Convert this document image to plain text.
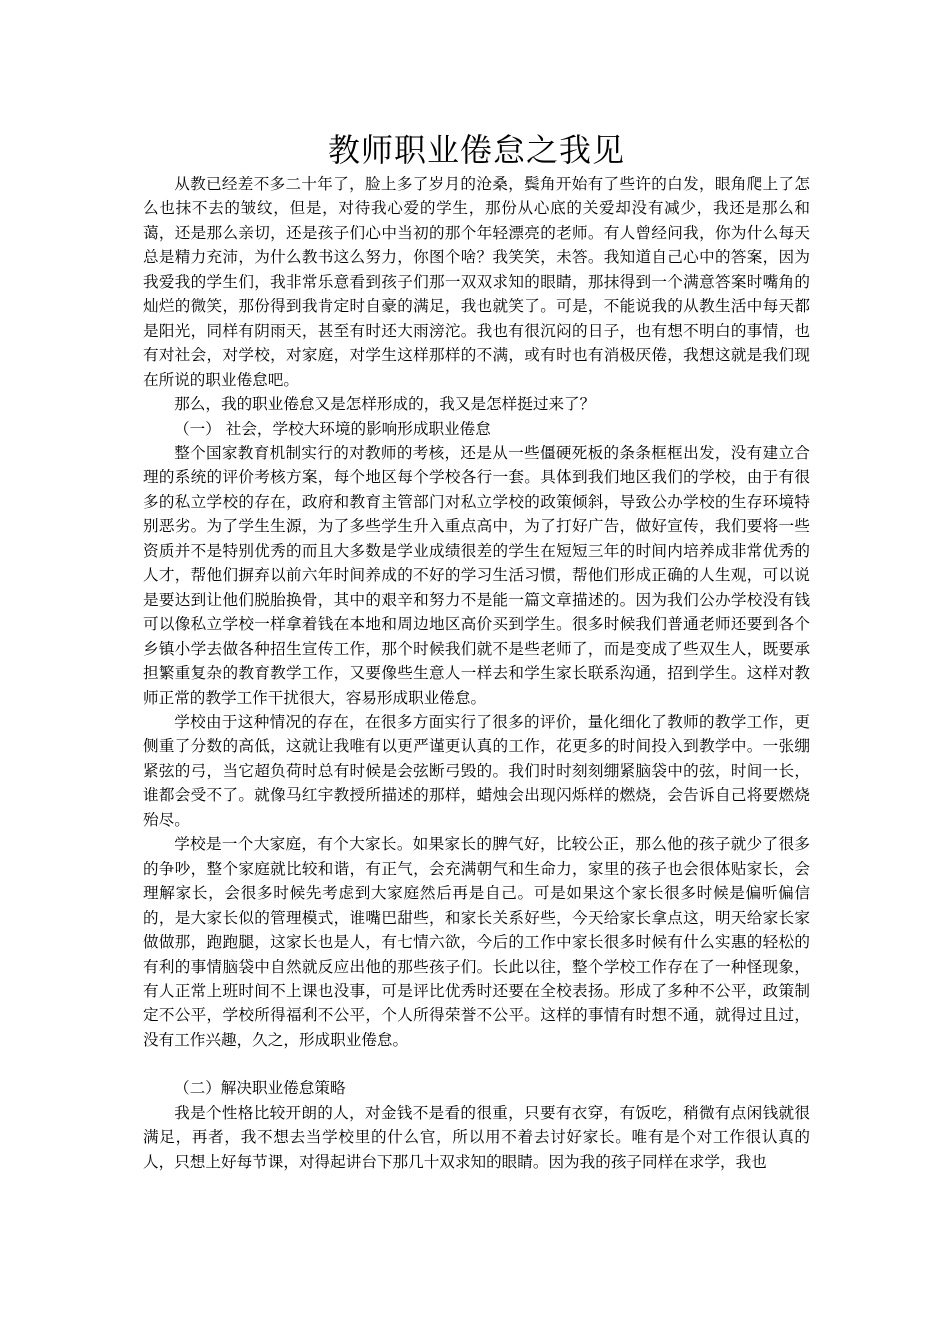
教师职业倦怠之我见

从教已经差不多二十年了，脸上多了岁月的沧桑，鬓角开始有了些许的白发，眼角爬上了怎么也抹不去的皱纹，但是，对待我心爱的学生，那份从心底的关爱却没有减少，我还是那么和蔼，还是那么亲切，还是孩子们心中当初的那个年轻漂亮的老师。有人曾经问我，你为什么每天总是精力充沛，为什么教书这么努力，你图个啥？我笑笑，未答。我知道自己心中的答案，因为我爱我的学生们，我非常乐意看到孩子们那一双双求知的眼睛，那抹得到一个满意答案时嘴角的灿烂的微笑，那份得到我肯定时自豪的满足，我也就笑了。可是，不能说我的从教生活中每天都是阳光，同样有阴雨天，甚至有时还大雨滂沱。我也有很沉闷的日子，也有想不明白的事情，也有对社会，对学校，对家庭，对学生这样那样的不满，或有时也有消极厌倦，我想这就是我们现在所说的职业倦怠吧。

那么，我的职业倦怠又是怎样形成的，我又是怎样挺过来了？

（一） 社会，学校大环境的影响形成职业倦怠

整个国家教育机制实行的对教师的考核，还是从一些僵硬死板的条条框框出发，没有建立合理的系统的评价考核方案，每个地区每个学校各行一套。具体到我们地区我们的学校，由于有很多的私立学校的存在，政府和教育主管部门对私立学校的政策倾斜，导致公办学校的生存环境特别恶劣。为了学生生源，为了多些学生升入重点高中，为了打好广告，做好宣传，我们要将一些资质并不是特别优秀的而且大多数是学业成绩很差的学生在短短三年的时间内培养成非常优秀的人才，帮他们摒弃以前六年时间养成的不好的学习生活习惯，帮他们形成正确的人生观，可以说是要达到让他们脱胎换骨，其中的艰辛和努力不是能一篇文章描述的。因为我们公办学校没有钱可以像私立学校一样拿着钱在本地和周边地区高价买到学生。很多时候我们普通老师还要到各个乡镇小学去做各种招生宣传工作，那个时候我们就不是些老师了，而是变成了些双生人，既要承担繁重复杂的教育教学工作，又要像些生意人一样去和学生家长联系沟通，招到学生。这样对教师正常的教学工作干扰很大，容易形成职业倦怠。

学校由于这种情况的存在，在很多方面实行了很多的评价，量化细化了教师的教学工作，更侧重了分数的高低，这就让我唯有以更严谨更认真的工作，花更多的时间投入到教学中。一张绷紧弦的弓，当它超负荷时总有时候是会弦断弓毁的。我们时时刻刻绷紧脑袋中的弦，时间一长，谁都会受不了。就像马红宇教授所描述的那样，蜡烛会出现闪烁样的燃烧，会告诉自己将要燃烧殆尽。

学校是一个大家庭，有个大家长。如果家长的脾气好，比较公正，那么他的孩子就少了很多的争吵，整个家庭就比较和谐，有正气，会充满朝气和生命力，家里的孩子也会很体贴家长，会理解家长，会很多时候先考虑到大家庭然后再是自己。可是如果这个家长很多时候是偏听偏信的，是大家长似的管理模式，谁嘴巴甜些，和家长关系好些，今天给家长拿点这，明天给家长家做做那，跑跑腿，这家长也是人，有七情六欲，今后的工作中家长很多时候有什么实惠的轻松的有利的事情脑袋中自然就反应出他的那些孩子们。长此以往，整个学校工作存在了一种怪现象，有人正常上班时间不上课也没事，可是评比优秀时还要在全校表扬。形成了多种不公平，政策制定不公平，学校所得福利不公平，个人所得荣誉不公平。这样的事情有时想不通，就得过且过，没有工作兴趣，久之，形成职业倦怠。

（二）解决职业倦怠策略

我是个性格比较开朗的人，对金钱不是看的很重，只要有衣穿，有饭吃，稍微有点闲钱就很满足，再者，我不想去当学校里的什么官，所以用不着去讨好家长。唯有是个对工作很认真的人，只想上好每节课，对得起讲台下那几十双求知的眼睛。因为我的孩子同样在求学，我也
